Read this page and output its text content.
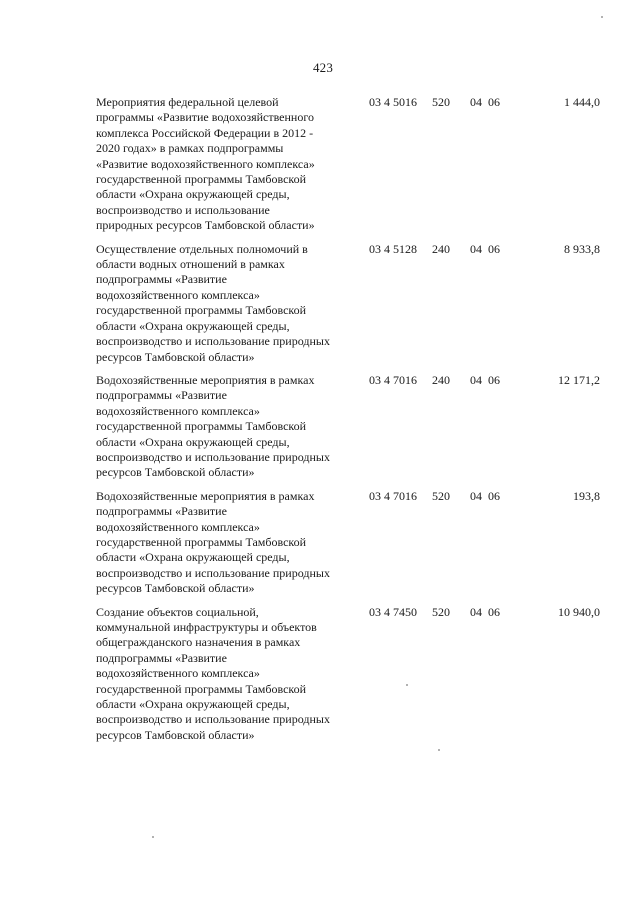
423
Мероприятия федеральной целевой
программы «Развитие водохозяйственного
комплекса Российской Федерации в 2012 -
2020 годах» в рамках подпрограммы
«Развитие водохозяйственного комплекса»
государственной программы Тамбовской
области «Охрана окружающей среды,
воспроизводство и использование
природных ресурсов Тамбовской области»
03 4 5016 520 04 06	1 444,0
Осуществление отдельных полномочий в
области водных отношений в рамках
подпрограммы «Развитие
водохозяйственного комплекса»
государственной программы Тамбовской
области «Охрана окружающей среды,
воспроизводство и использование природных
ресурсов Тамбовской области»
03 4 5128 240 04 06	8 933,8
Водохозяйственные мероприятия в рамках
подпрограммы «Развитие
водохозяйственного комплекса»
государственной программы Тамбовской
области «Охрана окружающей среды,
воспроизводство и использование природных
ресурсов Тамбовской области»
03 4 7016 240 04 06	12 171,2
Водохозяйственные мероприятия в рамках
подпрограммы «Развитие
водохозяйственного комплекса»
государственной программы Тамбовской
области «Охрана окружающей среды,
воспроизводство и использование природных
ресурсов Тамбовской области»
03 4 7016 520 04 06	193,8
Создание объектов социальной,
коммунальной инфраструктуры и объектов
общегражданского назначения в рамках
подпрограммы «Развитие
водохозяйственного комплекса»
государственной программы Тамбовской
области «Охрана окружающей среды,
воспроизводство и использование природных
ресурсов Тамбовской области»
03 4 7450 520 04 06	10 940,0
